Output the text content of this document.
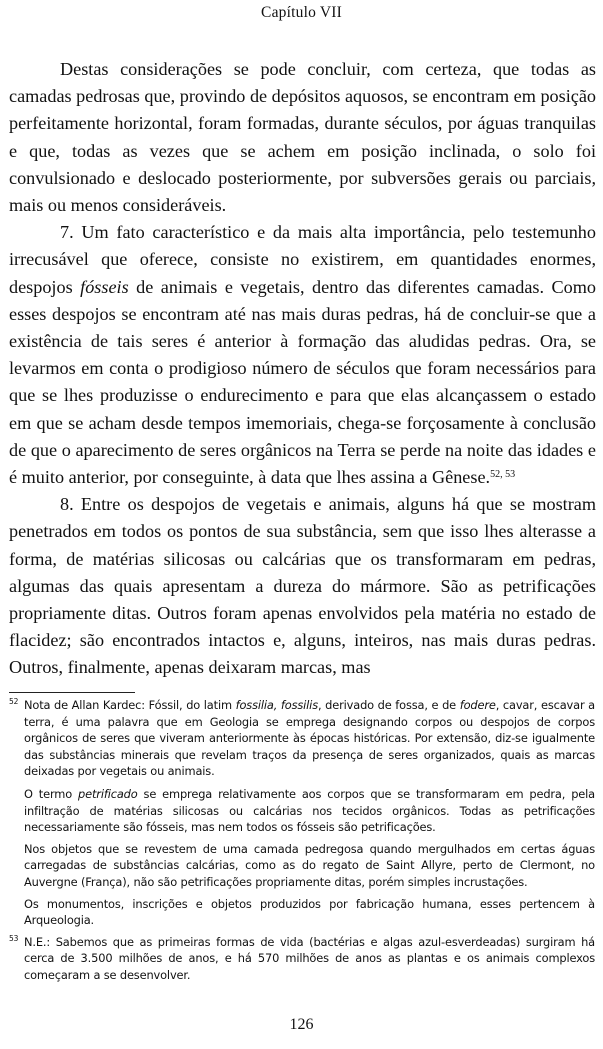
Capítulo VII

Destas considerações se pode concluir, com certeza, que todas as camadas pedrosas que, provindo de depósitos aquosos, se encontram em posição perfeitamente horizontal, foram formadas, durante séculos, por águas tranquilas e que, todas as vezes que se achem em posição inclinada, o solo foi convulsionado e deslocado posteriormente, por subversões gerais ou parciais, mais ou menos consideráveis.

7. Um fato característico e da mais alta importância, pelo testemunho irrecusável que oferece, consiste no existirem, em quantidades enormes, despojos fósseis de animais e vegetais, dentro das diferentes camadas. Como esses despojos se encontram até nas mais duras pedras, há de concluir-se que a existência de tais seres é anterior à formação das aludidas pedras. Ora, se levarmos em conta o prodigioso número de séculos que foram necessários para que se lhes produzisse o endurecimento e para que elas alcançassem o estado em que se acham desde tempos imemoriais, chega-se forçosamente à conclusão de que o aparecimento de seres orgânicos na Terra se perde na noite das idades e é muito anterior, por conseguinte, à data que lhes assina a Gênese.$^{52, 53}$

8. Entre os despojos de vegetais e animais, alguns há que se mostram penetrados em todos os pontos de sua substância, sem que isso lhes alterasse a forma, de matérias silicosas ou calcárias que os transformaram em pedras, algumas das quais apresentam a dureza do mármore. São as petrificações propriamente ditas. Outros foram apenas envolvidos pela matéria no estado de flacidez; são encontrados intactos e, alguns, inteiros, nas mais duras pedras. Outros, finalmente, apenas deixaram marcas, mas

52 Nota de Allan Kardec: Fóssil, do latim fossilia, fossilis, derivado de fossa, e de fodere, cavar, escavar a terra, é uma palavra que em Geologia se emprega designando corpos ou despojos de corpos orgânicos de seres que viveram anteriormente às épocas históricas. Por extensão, diz-se igualmente das substâncias minerais que revelam traços da presença de seres organizados, quais as marcas deixadas por vegetais ou animais.

O termo petrificado se emprega relativamente aos corpos que se transformaram em pedra, pela infiltração de matérias silicosas ou calcárias nos tecidos orgânicos. Todas as petrificações necessariamente são fósseis, mas nem todos os fósseis são petrificações.

Nos objetos que se revestem de uma camada pedregosa quando mergulhados em certas águas carregadas de substâncias calcárias, como as do regato de Saint Allyre, perto de Clermont, no Auvergne (França), não são petrificações propriamente ditas, porém simples incrustações.

Os monumentos, inscrições e objetos produzidos por fabricação humana, esses pertencem à Arqueologia.

53 N.E.: Sabemos que as primeiras formas de vida (bactérias e algas azul-esverdeadas) surgiram há cerca de 3.500 milhões de anos, e há 570 milhões de anos as plantas e os animais complexos começaram a se desenvolver.

126
